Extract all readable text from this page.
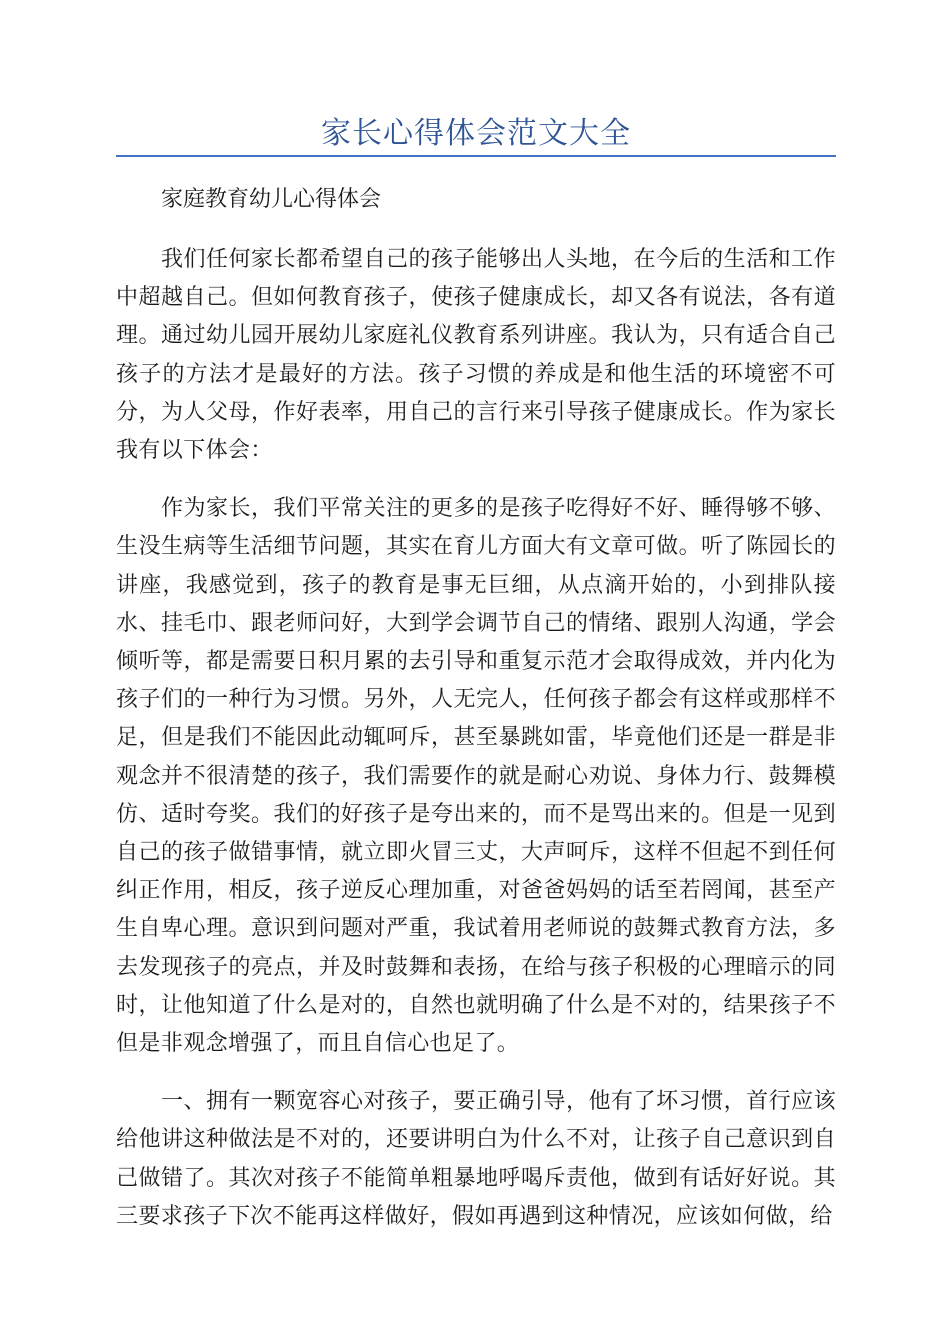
家长心得体会范文大全
家庭教育幼儿心得体会

我们任何家长都希望自己的孩子能够出人头地，在今后的生活和工作中超越自己。但如何教育孩子，使孩子健康成长，却又各有说法，各有道理。通过幼儿园开展幼儿家庭礼仪教育系列讲座。我认为，只有适合自己孩子的方法才是最好的方法。孩子习惯的养成是和他生活的环境密不可分，为人父母，作好表率，用自己的言行来引导孩子健康成长。作为家长我有以下体会：

作为家长，我们平常关注的更多的是孩子吃得好不好、睡得够不够、生没生病等生活细节问题，其实在育儿方面大有文章可做。听了陈园长的讲座，我感觉到，孩子的教育是事无巨细，从点滴开始的，小到排队接水、挂毛巾、跟老师问好，大到学会调节自己的情绪、跟别人沟通，学会倾听等，都是需要日积月累的去引导和重复示范才会取得成效，并内化为孩子们的一种行为习惯。另外，人无完人，任何孩子都会有这样或那样不足，但是我们不能因此动辄呵斥，甚至暴跳如雷，毕竟他们还是一群是非观念并不很清楚的孩子，我们需要作的就是耐心劝说、身体力行、鼓舞模仿、适时夸奖。我们的好孩子是夸出来的，而不是骂出来的。但是一见到自己的孩子做错事情，就立即火冒三丈，大声呵斥，这样不但起不到任何纠正作用，相反，孩子逆反心理加重，对爸爸妈妈的话至若罔闻，甚至产生自卑心理。意识到问题对严重，我试着用老师说的鼓舞式教育方法，多去发现孩子的亮点，并及时鼓舞和表扬，在给与孩子积极的心理暗示的同时，让他知道了什么是对的，自然也就明确了什么是不对的，结果孩子不但是非观念增强了，而且自信心也足了。

一、拥有一颗宽容心对孩子，要正确引导，他有了坏习惯，首行应该给他讲这种做法是不对的，还要讲明白为什么不对，让孩子自己意识到自己做错了。其次对孩子不能简单粗暴地呼喝斥责他，做到有话好好说。其三要求孩子下次不能再这样做好，假如再遇到这种情况，应该如何做，给
